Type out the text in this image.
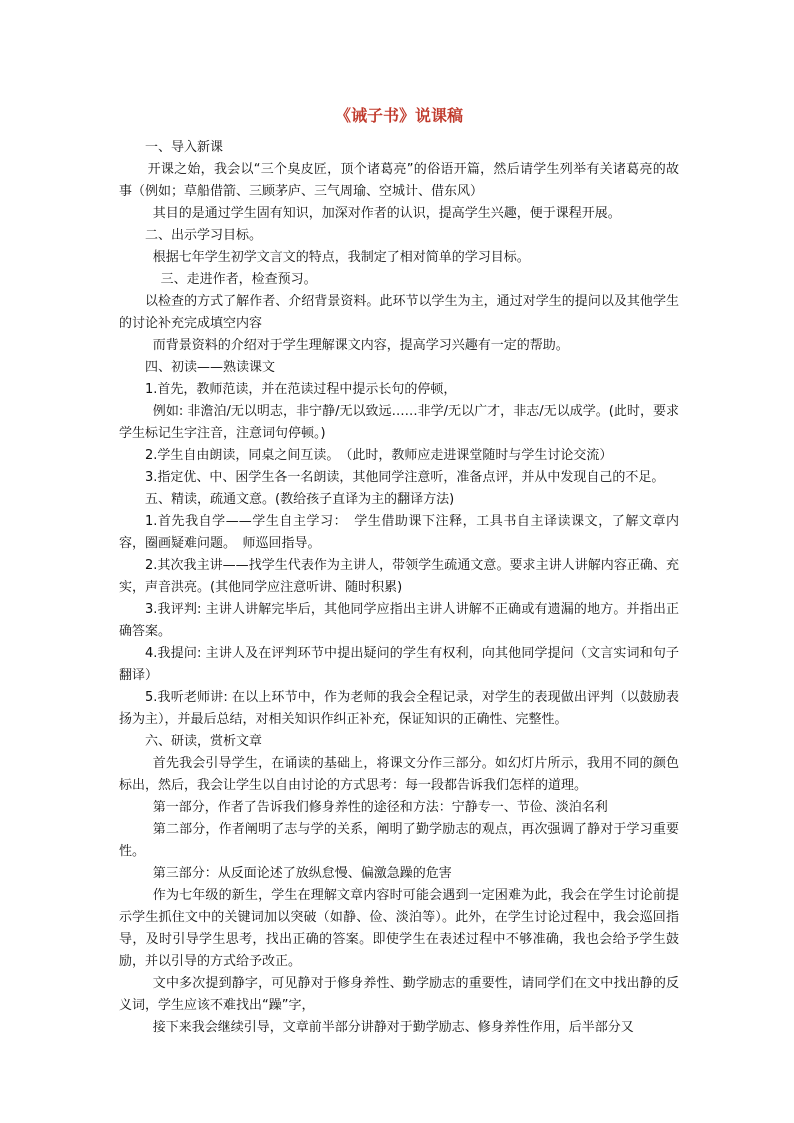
《诫子书》说课稿

一、导入新课

开课之始，我会以“三个臭皮匠，顶个诸葛亮”的俗语开篇，然后请学生列举有关诸葛亮的故事（例如；草船借箭、三顾茅庐、三气周瑜、空城计、借东风）

其目的是通过学生固有知识，加深对作者的认识，提高学生兴趣，便于课程开展。

二、出示学习目标。

根据七年学生初学文言文的特点，我制定了相对简单的学习目标。

三、走进作者，检查预习。

以检查的方式了解作者、介绍背景资料。此环节以学生为主，通过对学生的提问以及其他学生的讨论补充完成填空内容

而背景资料的介绍对于学生理解课文内容，提高学习兴趣有一定的帮助。

四、初读——熟读课文

1.首先，教师范读，并在范读过程中提示长句的停顿，

例如: 非澹泊/无以明志，非宁静/无以致远……非学/无以广才，非志/无以成学。(此时，要求学生标记生字注音，注意词句停顿。)

2.学生自由朗读，同桌之间互读。　（此时，教师应走进课堂随时与学生讨论交流）

3.指定优、中、困学生各一名朗读，其他同学注意听，准备点评，并从中发现自己的不足。

五、精读，疏通文意。(教给孩子直译为主的翻译方法)

1.首先我自学——学生自主学习：　学生借助课下注释，工具书自主译读课文，了解文章内容，圈画疑难问题。　师巡回指导。

2.其次我主讲——找学生代表作为主讲人，带领学生疏通文意。要求主讲人讲解内容正确、充实，声音洪亮。(其他同学应注意听讲、随时积累)

3.我评判: 主讲人讲解完毕后，其他同学应指出主讲人讲解不正确或有遗漏的地方。并指出正确答案。

4.我提问: 主讲人及在评判环节中提出疑问的学生有权利，向其他同学提问（文言实词和句子翻译）

5.我听老师讲: 在以上环节中，作为老师的我会全程记录，对学生的表现做出评判（以鼓励表扬为主），并最后总结，对相关知识作纠正补充，保证知识的正确性、完整性。

六、研读，赏析文章

首先我会引导学生，在诵读的基础上，将课文分作三部分。如幻灯片所示，我用不同的颜色标出，然后，我会让学生以自由讨论的方式思考：每一段都告诉我们怎样的道理。

第一部分，作者了告诉我们修身养性的途径和方法：宁静专一、节俭、淡泊名利

第二部分，作者阐明了志与学的关系，阐明了勤学励志的观点，再次强调了静对于学习重要性。

第三部分：从反面论述了放纵怠慢、偏激急躁的危害

作为七年级的新生，学生在理解文章内容时可能会遇到一定困难为此，我会在学生讨论前提示学生抓住文中的关键词加以突破（如静、俭、淡泊等）。此外，在学生讨论过程中，我会巡回指导，及时引导学生思考，找出正确的答案。即使学生在表述过程中不够准确，我也会给予学生鼓励，并以引导的方式给予改正。

文中多次提到静字，可见静对于修身养性、勤学励志的重要性，请同学们在文中找出静的反义词，学生应该不难找出“躁”字，

接下来我会继续引导，文章前半部分讲静对于勤学励志、修身养性作用，后半部分又
